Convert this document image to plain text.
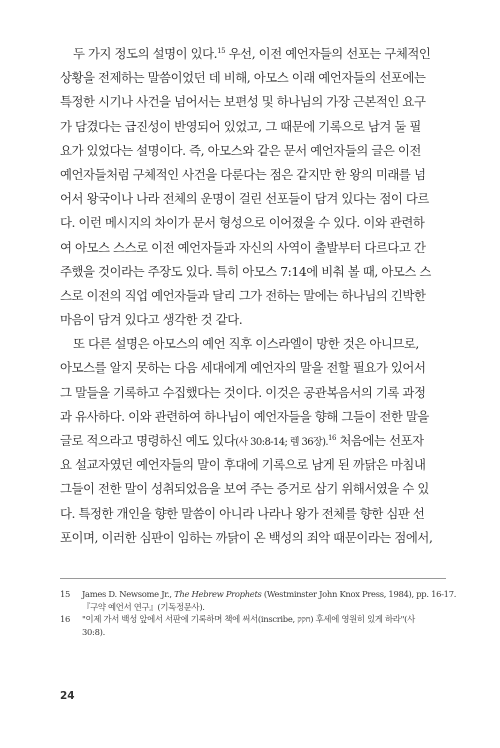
두 가지 정도의 설명이 있다.$^{15}$ 우선, 이전 예언자들의 선포는 구체적인
상황을 전제하는 말씀이었던 데 비해, 아모스 이래 예언자들의 선포에는
특정한 시기나 사건을 넘어서는 보편성 및 하나님의 가장 근본적인 요구
가 담겼다는 급진성이 반영되어 있었고, 그 때문에 기록으로 남겨 둘 필
요가 있었다는 설명이다. 즉, 아모스와 같은 문서 예언자들의 글은 이전
예언자들처럼 구체적인 사건을 다룬다는 점은 같지만 한 왕의 미래를 넘
어서 왕국이나 나라 전체의 운명이 걸린 선포들이 담겨 있다는 점이 다르
다. 이런 메시지의 차이가 문서 형성으로 이어졌을 수 있다. 이와 관련하
여 아모스 스스로 이전 예언자들과 자신의 사역이 출발부터 다르다고 간
주했을 것이라는 주장도 있다. 특히 아모스 7:14에 비춰 볼 때, 아모스 스
스로 이전의 직업 예언자들과 달리 그가 전하는 말에는 하나님의 긴박한
마음이 담겨 있다고 생각한 것 같다.
또 다른 설명은 아모스의 예언 직후 이스라엘이 망한 것은 아니므로,
아모스를 알지 못하는 다음 세대에게 예언자의 말을 전할 필요가 있어서
그 말들을 기록하고 수집했다는 것이다. 이것은 공관복음서의 기록 과정
과 유사하다. 이와 관련하여 하나님이 예언자들을 향해 그들이 전한 말을
글로 적으라고 명령하신 예도 있다(사 30:8-14; 렘 36장).$^{16}$ 처음에는 선포자
요 설교자였던 예언자들의 말이 후대에 기록으로 남게 된 까닭은 마침내
그들이 전한 말이 성취되었음을 보여 주는 증거로 삼기 위해서였을 수 있
다. 특정한 개인을 향한 말씀이 아니라 나라나 왕가 전체를 향한 심판 선
포이며, 이러한 심판이 임하는 까닭이 온 백성의 죄악 때문이라는 점에서,
15 James D. Newsome Jr., The Hebrew Prophets (Westminster John Knox Press, 1984), pp. 16-17.
『구약 예언서 연구』(기독정문사).
16 "이제 가서 백성 앞에서 서판에 기록하며 책에 써서(inscribe, חקק) 후세에 영원히 있게 하라"(사
30:8).
24
